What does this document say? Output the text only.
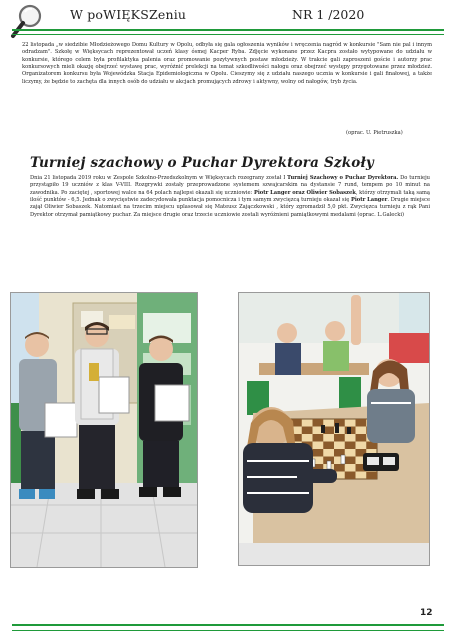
W poWIĘKSZeniu	NR 1 /2020
22 listopada „w siedzibie Młodzieżowego Domu Kultury w Opolu, odbyła się gala ogłoszenia wyników i wręczenia nagród w konkursie "Sam nie pal i innym odradzam". Szkołę w Więksycach reprezentował uczeń klasy ósmej Kacper Ryba. Zdjęcie wykonane przez Kacpra zostało wytypowane do udziału w konkursie, którego celem była profilaktyka palenia oraz promowanie pozytywnych postaw młodzieży. W trakcie gali zaproszeni goście i autorzy prac konkursowych mieli okazję obejrzeć wystawę prac, wyróżnić prelekcji na temat szkodliwości nałogu oraz obejrzeć występy przygotowane przez młodzież. Organizatorem konkursu była Wojewódzka Stacja Epidemiologiczna w Opolu. Cieszymy się z udziału naszego ucznia w konkursie i gali finałowej, a także liczymy, że będzie to zachęta dla innych osób do udziału w akcjach promujących zdrowy i aktywny, wolny od nałogów, tryb życia.
(oprac. U. Pietruszka)
Turniej szachowy o Puchar Dyrektora Szkoły
Dnia 21 listopada 2019 roku w Zespole Szkolno-Przedszkolnym w Więksycach rozegrany został I Turniej Szachowy o Puchar Dyrektora. Do turnieju przystąpiło 19 uczniów z klas V-VIII. Rozgrywki zostały przeprowadzone systemem szwajcarskim na dystansie 7 rund, tempem po 10 minut na zawodnika. Po zaciętej , sportowej walce na 64 polach najlepsi okazali się uczniowie: Piotr Langer oraz Oliwier Sobaszek, którzy otrzymali taką samą ilość punktów - 6,5. Jednak o zwycięstwie zadecydowała punktacja pomocnicza i tym samym zwycięzcą turnieju okazał się Piotr Langer. Drugie miejsce zajął Oliwier Sobaszek. Natomiast na trzecim miejscu uplasował się Mateusz Zajączkowski , który zgromadził 5,0 pkt. Zwycięzca turnieju z rąk Pani Dyrektor otrzymał pamiątkowy puchar. Za miejsce drugie oraz trzecie uczniowie zostali wyróżnieni pamiątkowymi medalami (oprac. L.Galecki)
12
